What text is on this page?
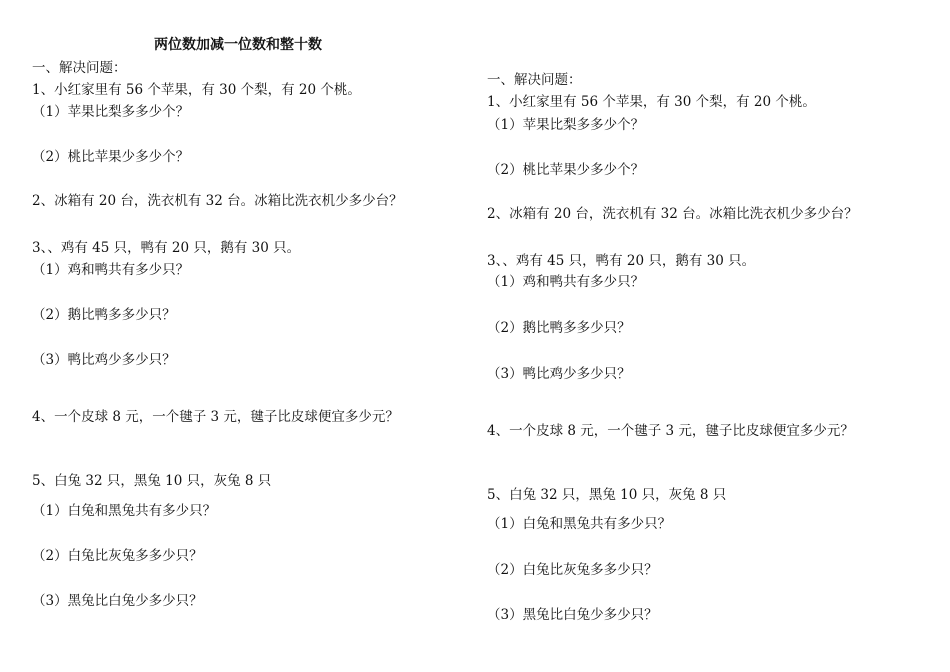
两位数加减一位数和整十数
一、解决问题：
1、小红家里有 56 个苹果，有 30 个梨，有 20 个桃。
（1）苹果比梨多多少个？
（2）桃比苹果少多少个？
2、冰箱有 20 台，洗衣机有 32 台。冰箱比洗衣机少多少台？
3、、鸡有 45 只，鸭有 20 只，鹅有 30 只。
（1）鸡和鸭共有多少只？
（2）鹅比鸭多多少只？
（3）鸭比鸡少多少只？
4、一个皮球 8 元，一个毽子 3 元，毽子比皮球便宜多少元？
5、白兔 32 只，黑兔 10 只，灰兔 8 只
（1）白兔和黑兔共有多少只？
（2）白兔比灰兔多多少只？
（3）黑兔比白兔少多少只？
一、解决问题：
1、小红家里有 56 个苹果，有 30 个梨，有 20 个桃。
（1）苹果比梨多多少个？
（2）桃比苹果少多少个？
2、冰箱有 20 台，洗衣机有 32 台。冰箱比洗衣机少多少台？
3、、鸡有 45 只，鸭有 20 只，鹅有 30 只。
（1）鸡和鸭共有多少只？
（2）鹅比鸭多多少只？
（3）鸭比鸡少多少只？
4、一个皮球 8 元，一个毽子 3 元，毽子比皮球便宜多少元？
5、白兔 32 只，黑兔 10 只，灰兔 8 只
（1）白兔和黑兔共有多少只？
（2）白兔比灰兔多多少只？
（3）黑兔比白兔少多少只？
